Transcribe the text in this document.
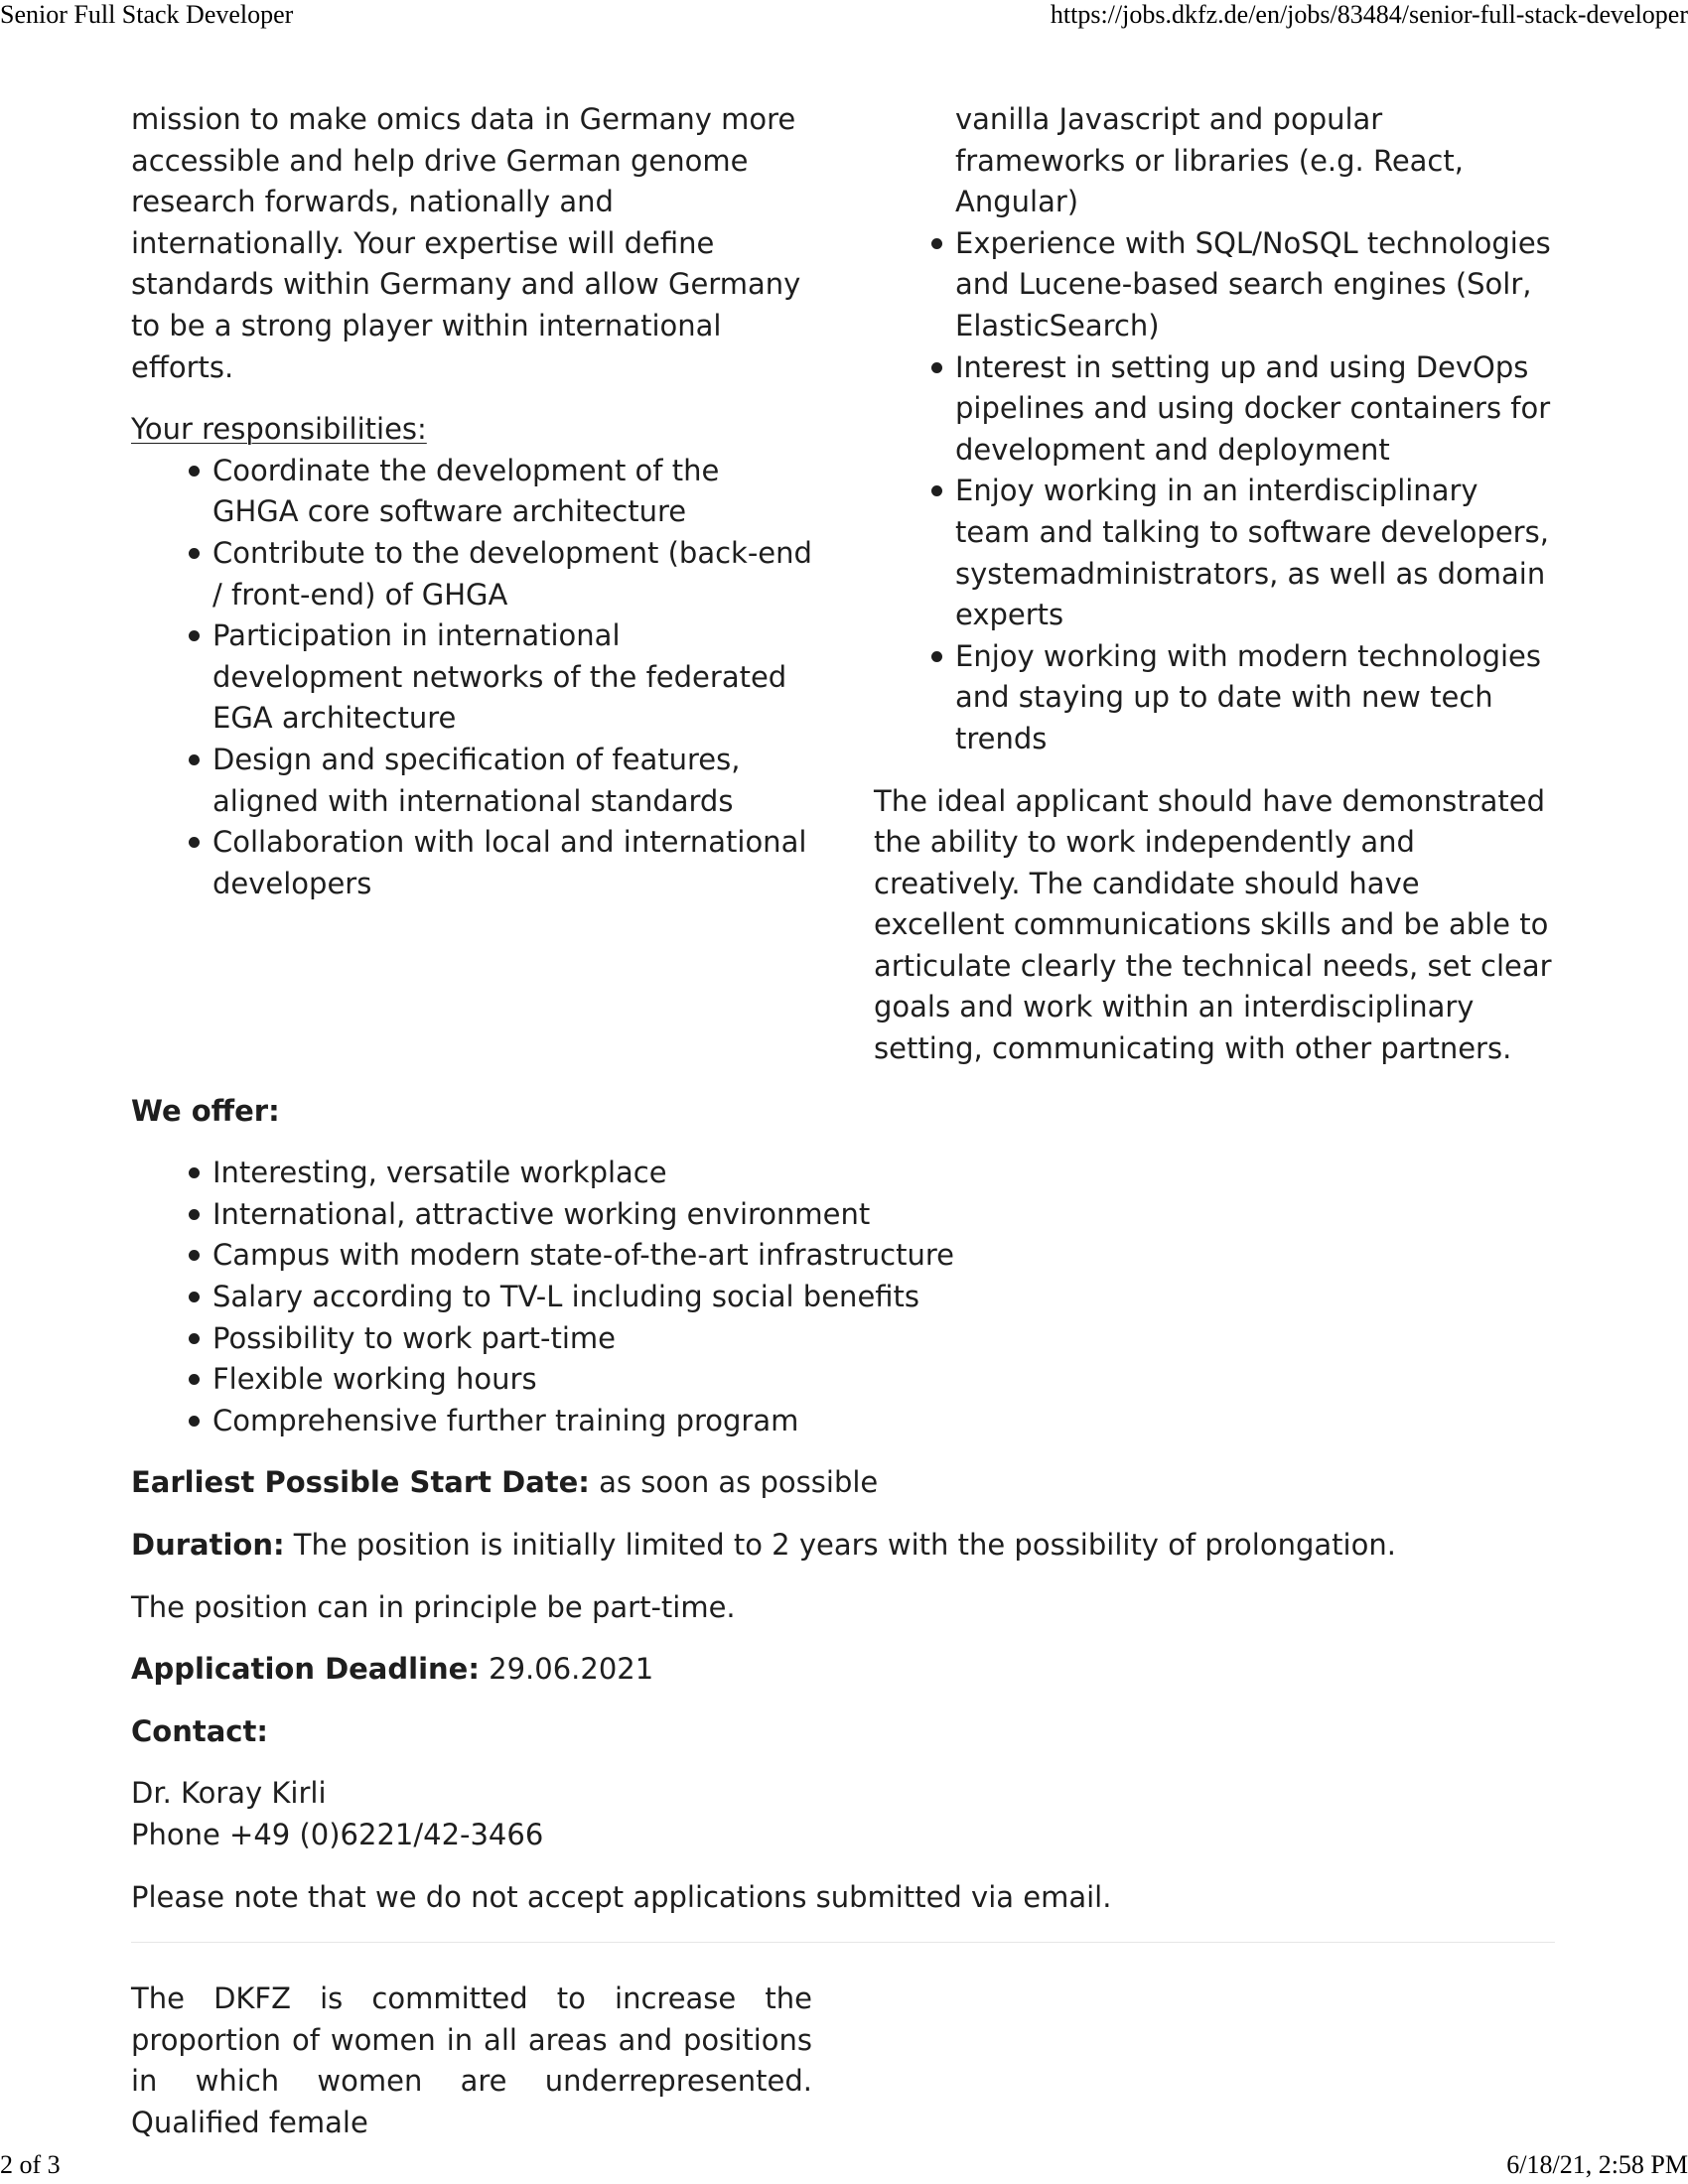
Senior Full Stack Developer	https://jobs.dkfz.de/en/jobs/83484/senior-full-stack-developer

mission to make omics data in Germany more accessible and help drive German genome research forwards, nationally and internationally. Your expertise will define standards within Germany and allow Germany to be a strong player within international efforts.

Your responsibilities:

Coordinate the development of the GHGA core software architecture
Contribute to the development (back-end / front-end) of GHGA
Participation in international development networks of the federated EGA architecture
Design and specification of features, aligned with international standards
Collaboration with local and international developers
vanilla Javascript and popular frameworks or libraries (e.g. React, Angular)
Experience with SQL/NoSQL technologies and Lucene-based search engines (Solr, ElasticSearch)
Interest in setting up and using DevOps pipelines and using docker containers for development and deployment
Enjoy working in an interdisciplinary team and talking to software developers, systemadministrators, as well as domain experts
Enjoy working with modern technologies and staying up to date with new tech trends

The ideal applicant should have demonstrated the ability to work independently and creatively. The candidate should have excellent communications skills and be able to articulate clearly the technical needs, set clear goals and work within an interdisciplinary setting, communicating with other partners.

We offer:

Interesting, versatile workplace
International, attractive working environment
Campus with modern state-of-the-art infrastructure
Salary according to TV-L including social benefits
Possibility to work part-time
Flexible working hours
Comprehensive further training program

Earliest Possible Start Date: as soon as possible

Duration: The position is initially limited to 2 years with the possibility of prolongation.

The position can in principle be part-time.

Application Deadline: 29.06.2021

Contact:

Dr. Koray Kirli
Phone +49 (0)6221/42-3466

Please note that we do not accept applications submitted via email.

The DKFZ is committed to increase the proportion of women in all areas and positions in which women are underrepresented. Qualified female

2 of 3	6/18/21, 2:58 PM
